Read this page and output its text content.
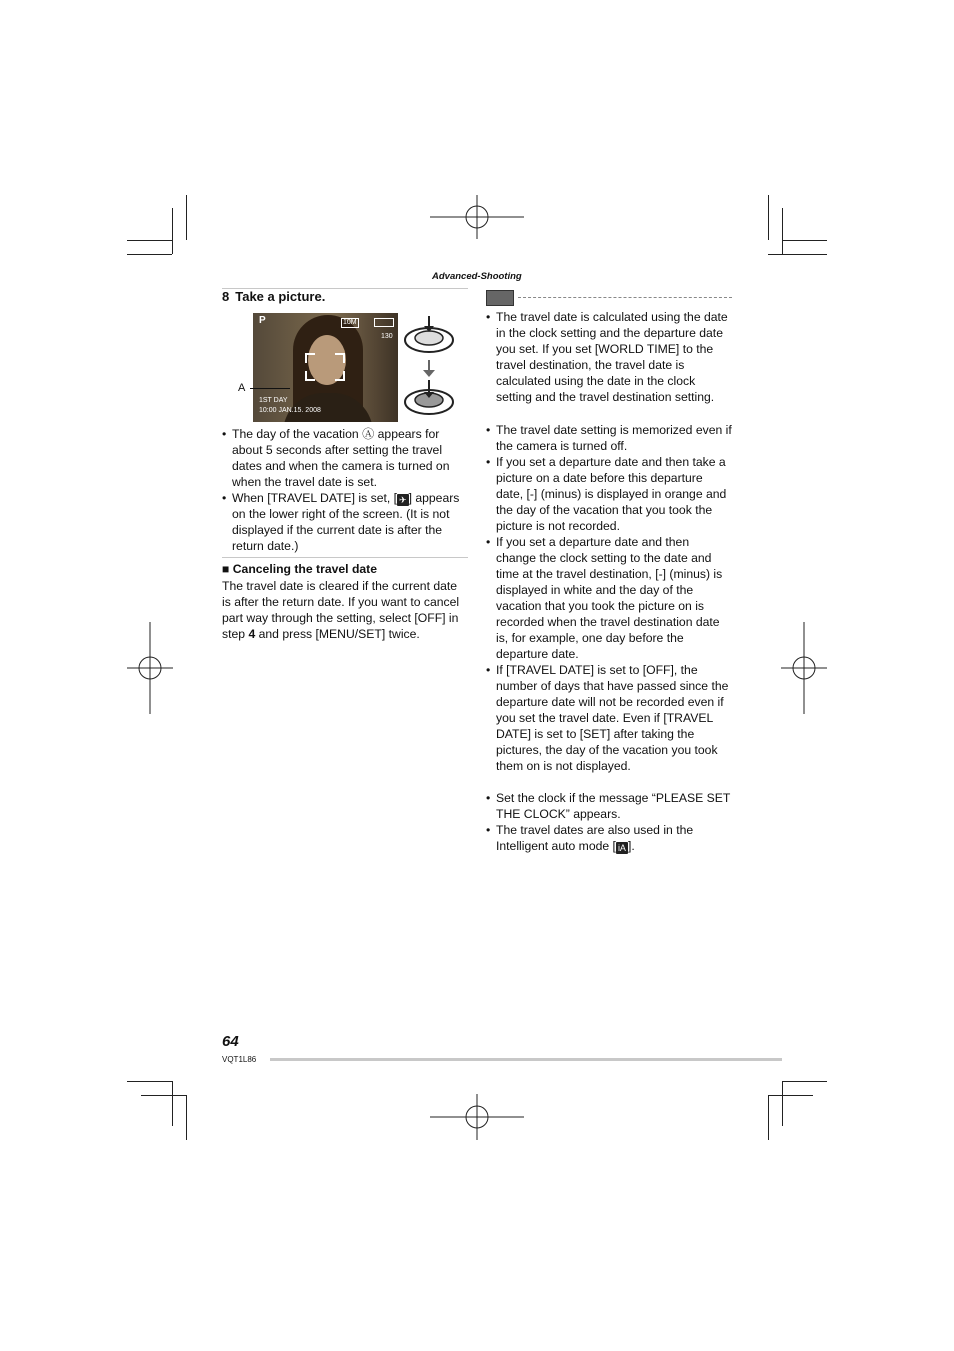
Advanced-Shooting
8 Take a picture.
P	10M
130
1ST DAY
10:00 JAN.15. 2008
A
• The day of the vacation Ⓐ appears for about 5 seconds after setting the travel dates and when the camera is turned on when the travel date is set.
• When [TRAVEL DATE] is set, [ ✈ ] appears on the lower right of the screen. (It is not displayed if the current date is after the return date.)
■ Canceling the travel date
The travel date is cleared if the current date is after the return date. If you want to cancel part way through the setting, select [OFF] in step 4 and press [MENU/SET] twice.
• The travel date is calculated using the date in the clock setting and the departure date you set. If you set [WORLD TIME] to the travel destination, the travel date is calculated using the date in the clock setting and the travel destination setting.
• The travel date setting is memorized even if the camera is turned off.
• If you set a departure date and then take a picture on a date before this departure date, [-] (minus) is displayed in orange and the day of the vacation that you took the picture is not recorded.
• If you set a departure date and then change the clock setting to the date and time at the travel destination, [-] (minus) is displayed in white and the day of the vacation that you took the picture on is recorded when the travel destination date is, for example, one day before the departure date.
• If [TRAVEL DATE] is set to [OFF], the number of days that have passed since the departure date will not be recorded even if you set the travel date. Even if [TRAVEL DATE] is set to [SET] after taking the pictures, the day of the vacation you took them on is not displayed.
• Set the clock if the message “PLEASE SET THE CLOCK” appears.
• The travel dates are also used in the Intelligent auto mode [ iA ].
64
VQT1L86
